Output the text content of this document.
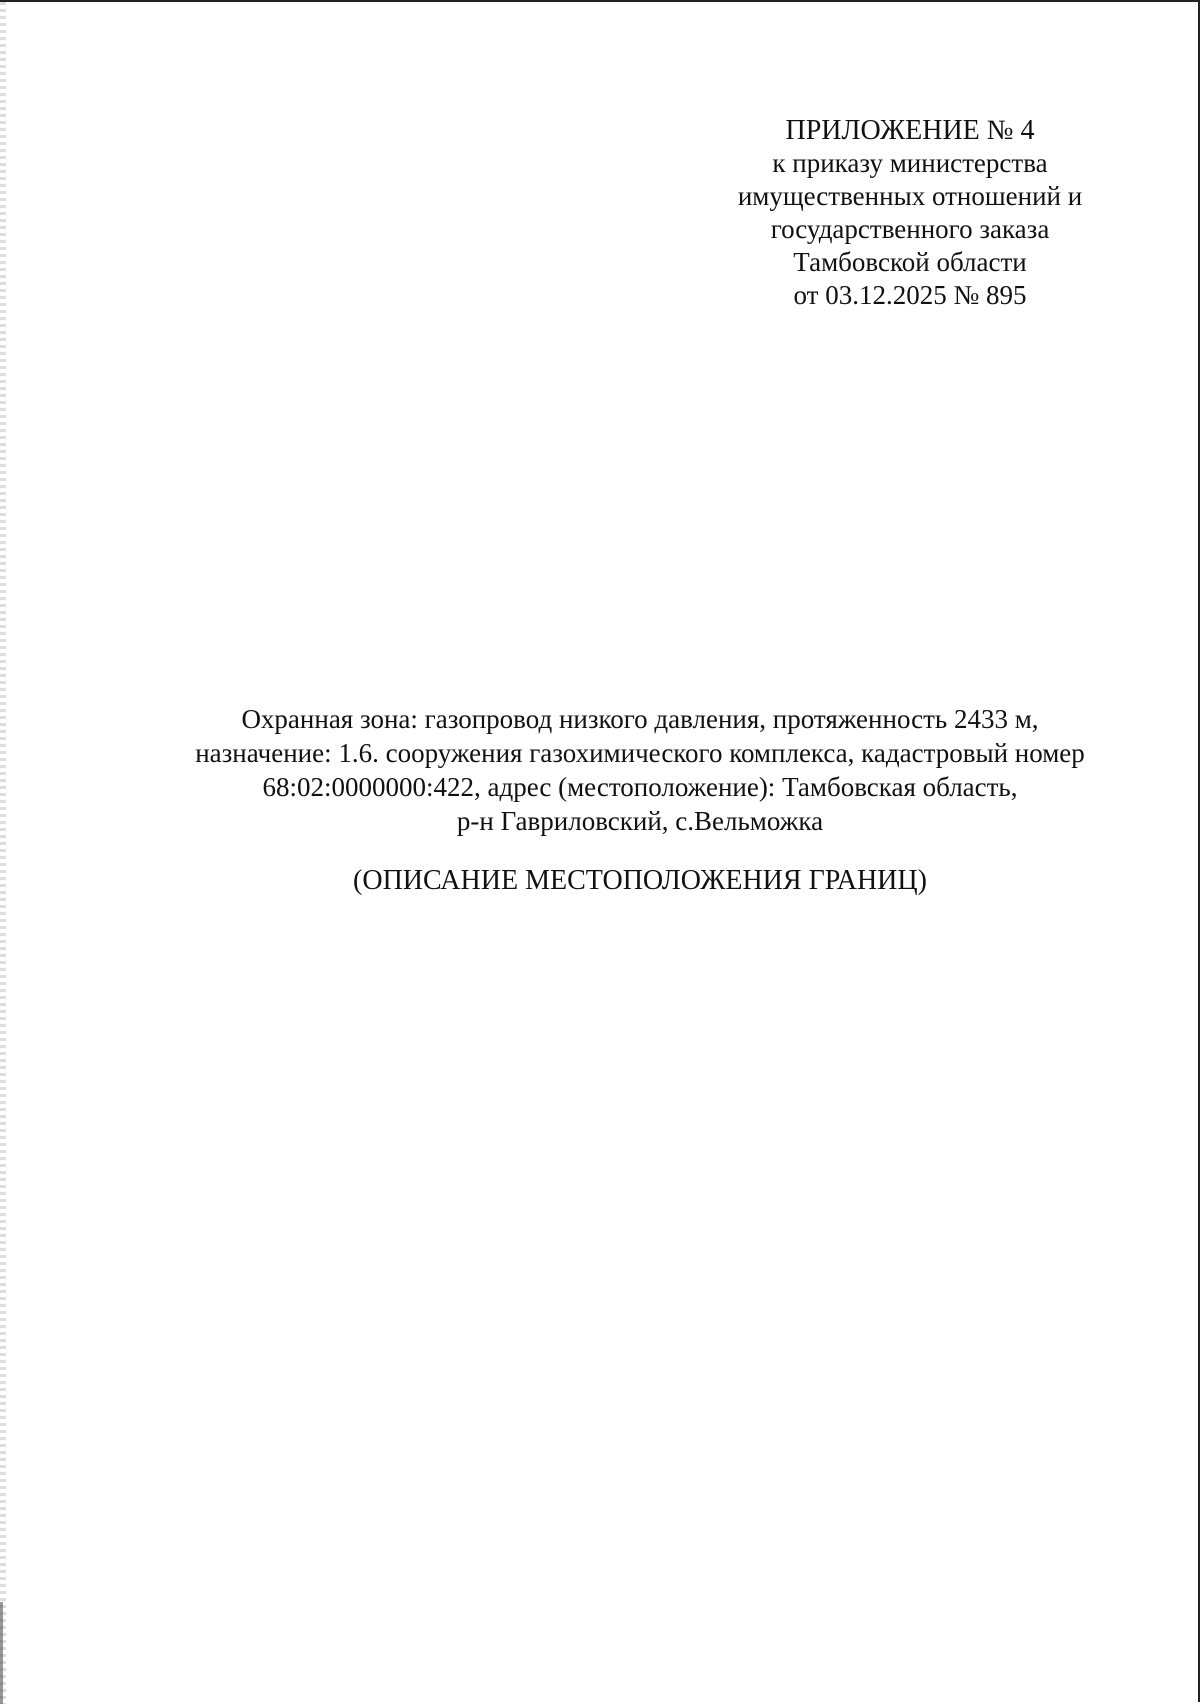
ПРИЛОЖЕНИЕ № 4
к приказу министерства
имущественных отношений и
государственного заказа
Тамбовской области
от 03.12.2025 № 895
Охранная зона: газопровод низкого давления, протяженность 2433 м,
назначение: 1.6. сооружения газохимического комплекса, кадастровый номер
68:02:0000000:422, адрес (местоположение): Тамбовская область,
р-н Гавриловский, с.Вельможка
(ОПИСАНИЕ МЕСТОПОЛОЖЕНИЯ ГРАНИЦ)
